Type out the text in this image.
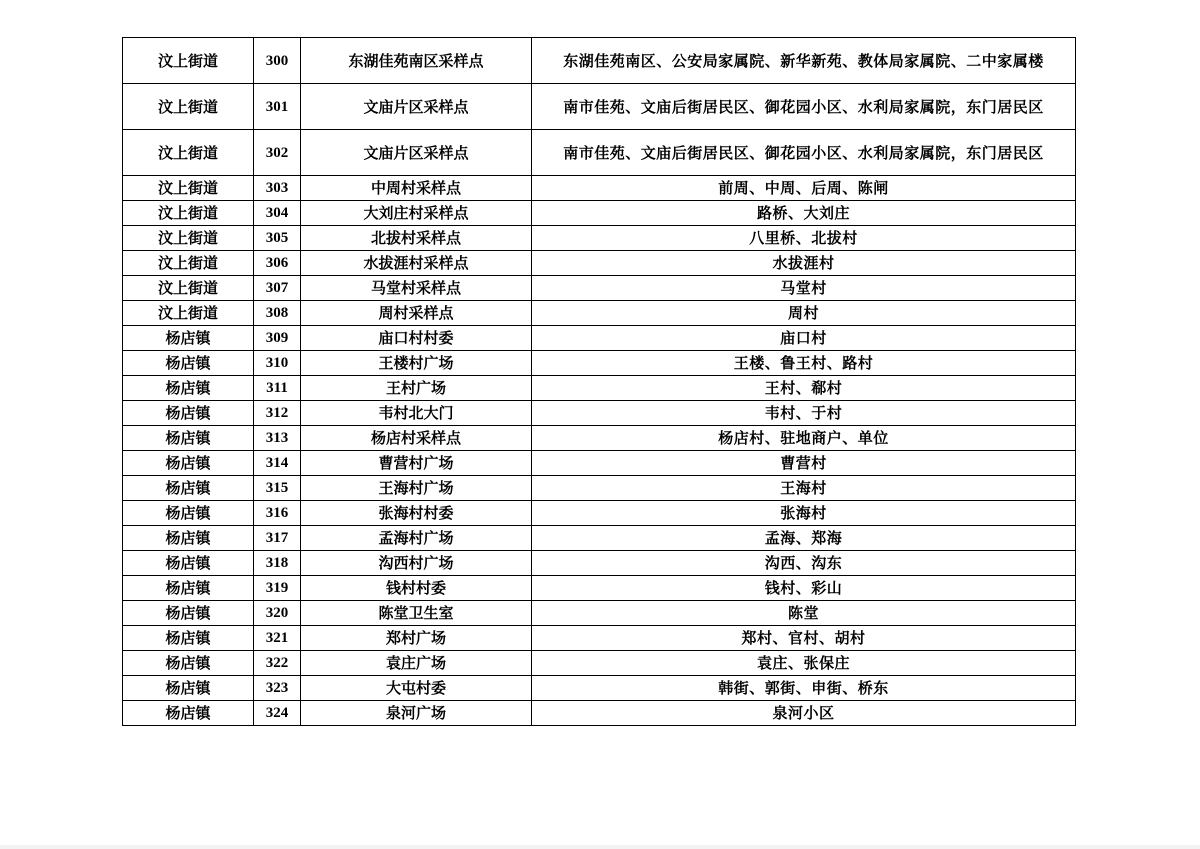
汶上街道	300	东湖佳苑南区采样点	东湖佳苑南区、公安局家属院、新华新苑、教体局家属院、二中家属楼
汶上街道	301	文庙片区采样点	南市佳苑、文庙后街居民区、御花园小区、水利局家属院，东门居民区
汶上街道	302	文庙片区采样点	南市佳苑、文庙后街居民区、御花园小区、水利局家属院，东门居民区
汶上街道	303	中周村采样点	前周、中周、后周、陈闸
汶上街道	304	大刘庄村采样点	路桥、大刘庄
汶上街道	305	北拔村采样点	八里桥、北拔村
汶上街道	306	水拔涯村采样点	水拔涯村
汶上街道	307	马堂村采样点	马堂村
汶上街道	308	周村采样点	周村
杨店镇	309	庙口村村委	庙口村
杨店镇	310	王楼村广场	王楼、鲁王村、路村
杨店镇	311	王村广场	王村、郗村
杨店镇	312	韦村北大门	韦村、于村
杨店镇	313	杨店村采样点	杨店村、驻地商户、单位
杨店镇	314	曹营村广场	曹营村
杨店镇	315	王海村广场	王海村
杨店镇	316	张海村村委	张海村
杨店镇	317	孟海村广场	孟海、郑海
杨店镇	318	沟西村广场	沟西、沟东
杨店镇	319	钱村村委	钱村、彩山
杨店镇	320	陈堂卫生室	陈堂
杨店镇	321	郑村广场	郑村、官村、胡村
杨店镇	322	袁庄广场	袁庄、张保庄
杨店镇	323	大屯村委	韩街、郭街、申街、桥东
杨店镇	324	泉河广场	泉河小区
